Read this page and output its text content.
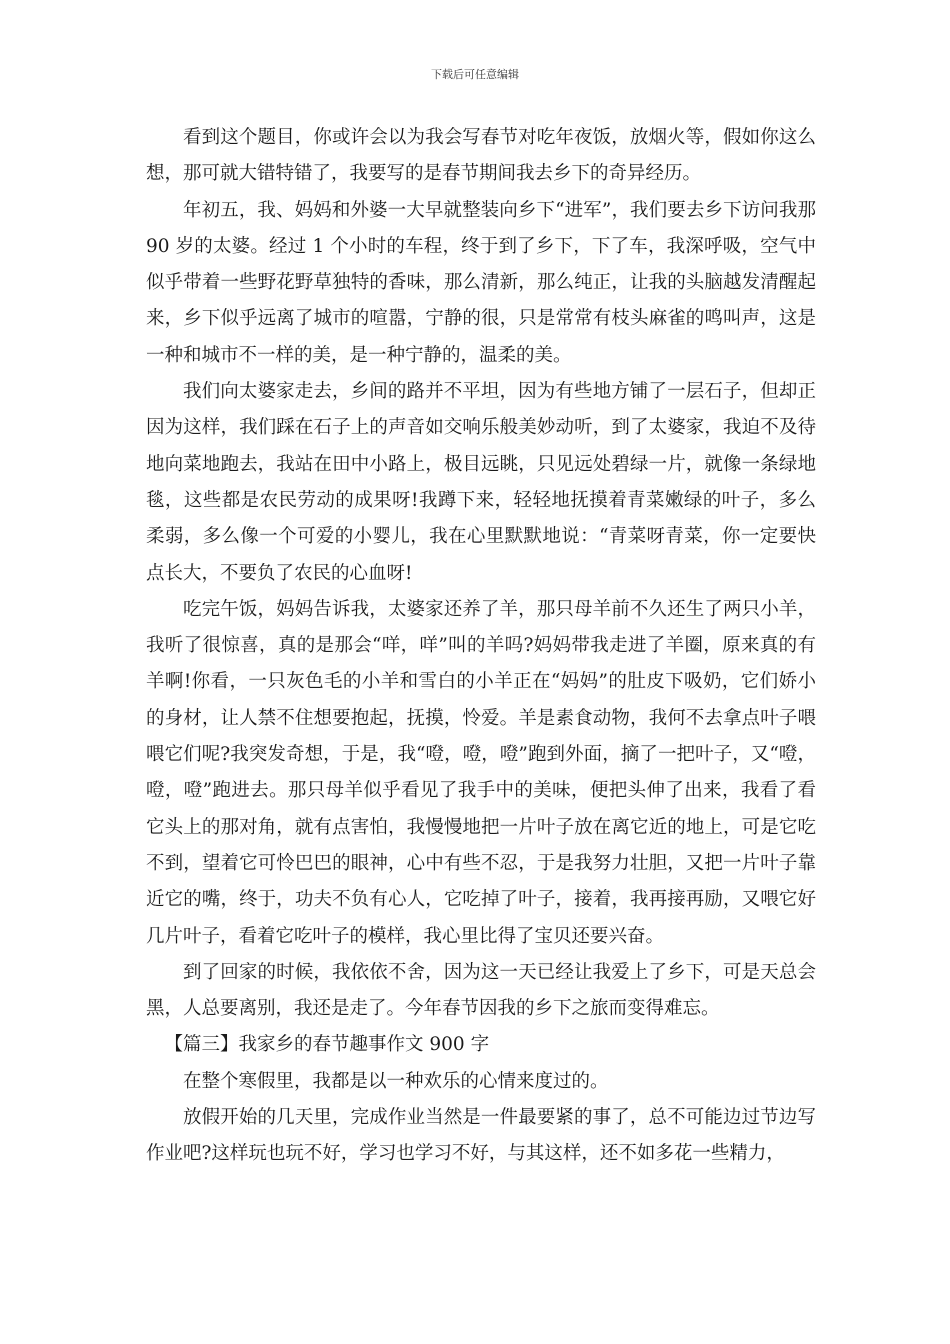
下载后可任意编辑

看到这个题目，你或许会以为我会写春节对吃年夜饭，放烟火等，假如你这么想，那可就大错特错了，我要写的是春节期间我去乡下的奇异经历。

年初五，我、妈妈和外婆一大早就整装向乡下“进军”，我们要去乡下访问我那 90 岁的太婆。经过 1 个小时的车程，终于到了乡下，下了车，我深呼吸，空气中似乎带着一些野花野草独特的香味，那么清新，那么纯正，让我的头脑越发清醒起来，乡下似乎远离了城市的喧嚣，宁静的很，只是常常有枝头麻雀的鸣叫声，这是一种和城市不一样的美，是一种宁静的，温柔的美。

我们向太婆家走去，乡间的路并不平坦，因为有些地方铺了一层石子，但却正因为这样，我们踩在石子上的声音如交响乐般美妙动听，到了太婆家，我迫不及待地向菜地跑去，我站在田中小路上，极目远眺，只见远处碧绿一片，就像一条绿地毯，这些都是农民劳动的成果呀!我蹲下来，轻轻地抚摸着青菜嫩绿的叶子，多么柔弱，多么像一个可爱的小婴儿，我在心里默默地说：“青菜呀青菜，你一定要快点长大，不要负了农民的心血呀!

吃完午饭，妈妈告诉我，太婆家还养了羊，那只母羊前不久还生了两只小羊，我听了很惊喜，真的是那会“咩，咩”叫的羊吗?妈妈带我走进了羊圈，原来真的有羊啊!你看，一只灰色毛的小羊和雪白的小羊正在“妈妈”的肚皮下吸奶，它们娇小的身材，让人禁不住想要抱起，抚摸，怜爱。羊是素食动物，我何不去拿点叶子喂喂它们呢?我突发奇想，于是，我“噔，噔，噔”跑到外面，摘了一把叶子，又“噔，噔，噔”跑进去。那只母羊似乎看见了我手中的美味，便把头伸了出来，我看了看它头上的那对角，就有点害怕，我慢慢地把一片叶子放在离它近的地上，可是它吃不到，望着它可怜巴巴的眼神，心中有些不忍，于是我努力壮胆，又把一片叶子靠近它的嘴，终于，功夫不负有心人，它吃掉了叶子，接着，我再接再励，又喂它好几片叶子，看着它吃叶子的模样，我心里比得了宝贝还要兴奋。

到了回家的时候，我依依不舍，因为这一天已经让我爱上了乡下，可是天总会黑，人总要离别，我还是走了。今年春节因我的乡下之旅而变得难忘。

【篇三】我家乡的春节趣事作文 900 字

在整个寒假里，我都是以一种欢乐的心情来度过的。

放假开始的几天里，完成作业当然是一件最要紧的事了，总不可能边过节边写作业吧?这样玩也玩不好，学习也学习不好，与其这样，还不如多花一些精力，
